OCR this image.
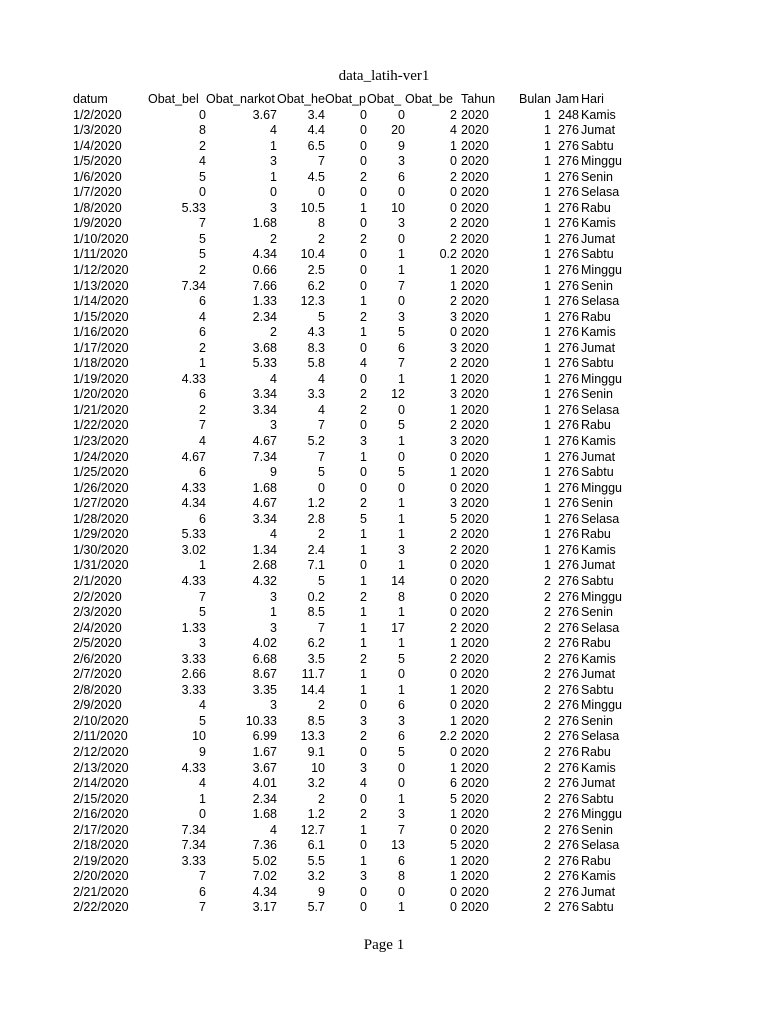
data_latih-ver1
datum	Obat_bel	Obat_narkot	Obat_he	Obat_p	Obat_	Obat_be	Tahun	Bulan	Jam	Hari
1/2/2020	0	3.67	3.4	0	0	2	2020	1	248	Kamis
1/3/2020	8	4	4.4	0	20	4	2020	1	276	Jumat
1/4/2020	2	1	6.5	0	9	1	2020	1	276	Sabtu
1/5/2020	4	3	7	0	3	0	2020	1	276	Minggu
1/6/2020	5	1	4.5	2	6	2	2020	1	276	Senin
1/7/2020	0	0	0	0	0	0	2020	1	276	Selasa
1/8/2020	5.33	3	10.5	1	10	0	2020	1	276	Rabu
1/9/2020	7	1.68	8	0	3	2	2020	1	276	Kamis
1/10/2020	5	2	2	2	0	2	2020	1	276	Jumat
1/11/2020	5	4.34	10.4	0	1	0.2	2020	1	276	Sabtu
1/12/2020	2	0.66	2.5	0	1	1	2020	1	276	Minggu
1/13/2020	7.34	7.66	6.2	0	7	1	2020	1	276	Senin
1/14/2020	6	1.33	12.3	1	0	2	2020	1	276	Selasa
1/15/2020	4	2.34	5	2	3	3	2020	1	276	Rabu
1/16/2020	6	2	4.3	1	5	0	2020	1	276	Kamis
1/17/2020	2	3.68	8.3	0	6	3	2020	1	276	Jumat
1/18/2020	1	5.33	5.8	4	7	2	2020	1	276	Sabtu
1/19/2020	4.33	4	4	0	1	1	2020	1	276	Minggu
1/20/2020	6	3.34	3.3	2	12	3	2020	1	276	Senin
1/21/2020	2	3.34	4	2	0	1	2020	1	276	Selasa
1/22/2020	7	3	7	0	5	2	2020	1	276	Rabu
1/23/2020	4	4.67	5.2	3	1	3	2020	1	276	Kamis
1/24/2020	4.67	7.34	7	1	0	0	2020	1	276	Jumat
1/25/2020	6	9	5	0	5	1	2020	1	276	Sabtu
1/26/2020	4.33	1.68	0	0	0	0	2020	1	276	Minggu
1/27/2020	4.34	4.67	1.2	2	1	3	2020	1	276	Senin
1/28/2020	6	3.34	2.8	5	1	5	2020	1	276	Selasa
1/29/2020	5.33	4	2	1	1	2	2020	1	276	Rabu
1/30/2020	3.02	1.34	2.4	1	3	2	2020	1	276	Kamis
1/31/2020	1	2.68	7.1	0	1	0	2020	1	276	Jumat
2/1/2020	4.33	4.32	5	1	14	0	2020	2	276	Sabtu
2/2/2020	7	3	0.2	2	8	0	2020	2	276	Minggu
2/3/2020	5	1	8.5	1	1	0	2020	2	276	Senin
2/4/2020	1.33	3	7	1	17	2	2020	2	276	Selasa
2/5/2020	3	4.02	6.2	1	1	1	2020	2	276	Rabu
2/6/2020	3.33	6.68	3.5	2	5	2	2020	2	276	Kamis
2/7/2020	2.66	8.67	11.7	1	0	0	2020	2	276	Jumat
2/8/2020	3.33	3.35	14.4	1	1	1	2020	2	276	Sabtu
2/9/2020	4	3	2	0	6	0	2020	2	276	Minggu
2/10/2020	5	10.33	8.5	3	3	1	2020	2	276	Senin
2/11/2020	10	6.99	13.3	2	6	2.2	2020	2	276	Selasa
2/12/2020	9	1.67	9.1	0	5	0	2020	2	276	Rabu
2/13/2020	4.33	3.67	10	3	0	1	2020	2	276	Kamis
2/14/2020	4	4.01	3.2	4	0	6	2020	2	276	Jumat
2/15/2020	1	2.34	2	0	1	5	2020	2	276	Sabtu
2/16/2020	0	1.68	1.2	2	3	1	2020	2	276	Minggu
2/17/2020	7.34	4	12.7	1	7	0	2020	2	276	Senin
2/18/2020	7.34	7.36	6.1	0	13	5	2020	2	276	Selasa
2/19/2020	3.33	5.02	5.5	1	6	1	2020	2	276	Rabu
2/20/2020	7	7.02	3.2	3	8	1	2020	2	276	Kamis
2/21/2020	6	4.34	9	0	0	0	2020	2	276	Jumat
2/22/2020	7	3.17	5.7	0	1	0	2020	2	276	Sabtu
Page 1
